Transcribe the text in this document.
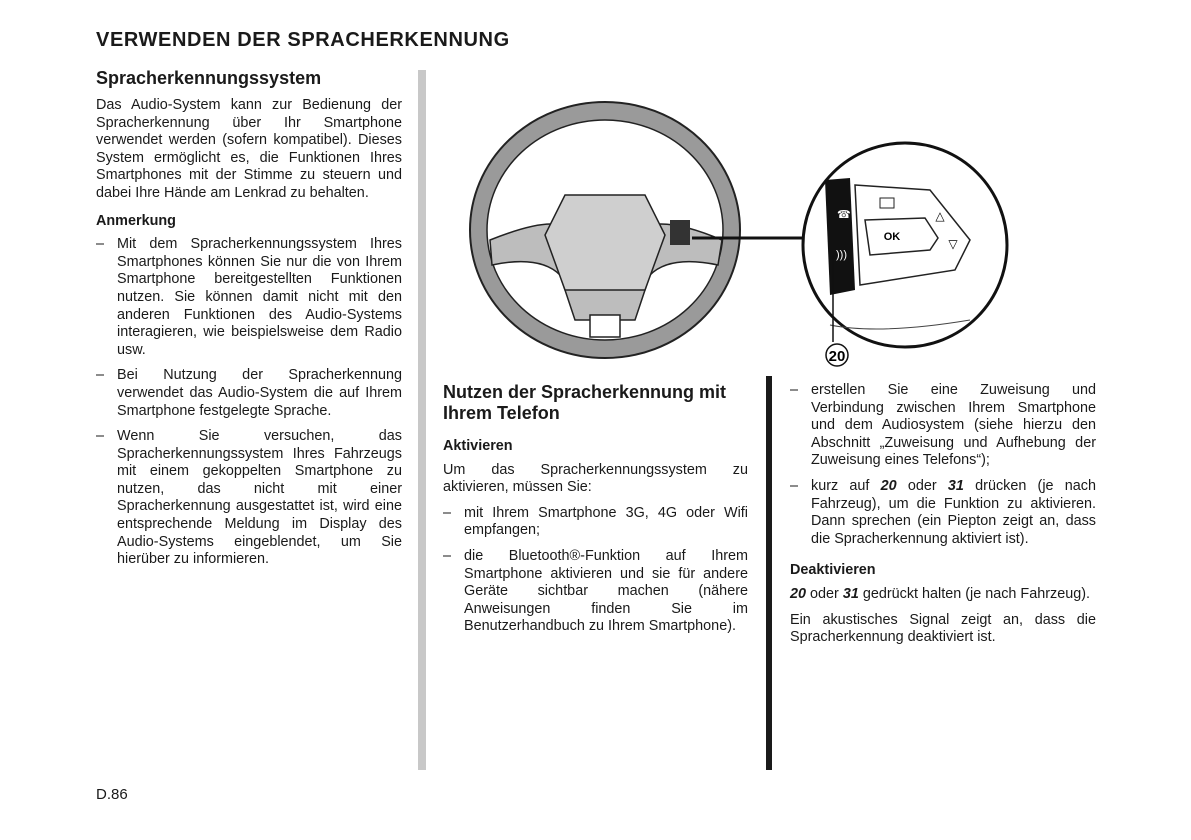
VERWENDEN DER SPRACHERKENNUNG
Spracherkennungssystem

Das Audio-System kann zur Bedienung der Spracherkennung über Ihr Smartphone verwendet werden (sofern kompatibel). Dieses System ermöglicht es, die Funktionen Ihres Smartphones mit der Stimme zu steuern und dabei Ihre Hände am Lenkrad zu behalten.

Anmerkung
– Mit dem Spracherkennungssystem Ihres Smartphones können Sie nur die von Ihrem Smartphone bereitgestellten Funktionen nutzen. Sie können damit nicht mit den anderen Funktionen des Audio-Systems interagieren, wie beispielsweise dem Radio usw.
– Bei Nutzung der Spracherkennung verwendet das Audio-System die auf Ihrem Smartphone festgelegte Sprache.
– Wenn Sie versuchen, das Spracherkennungssystem Ihres Fahrzeugs mit einem gekoppelten Smartphone zu nutzen, das nicht mit einer Spracherkennung ausgestattet ist, wird eine entsprechende Meldung im Display des Audio-Systems eingeblendet, um Sie hierüber zu informieren.
OK
△
▽
☎
)))
20
Nutzen der Spracherkennung mit Ihrem Telefon
Aktivieren

Um das Spracherkennungssystem zu aktivieren, müssen Sie:

– mit Ihrem Smartphone 3G, 4G oder Wifi empfangen;
– die Bluetooth®-Funktion auf Ihrem Smartphone aktivieren und sie für andere Geräte sichtbar machen (nähere Anweisungen finden Sie im Benutzerhandbuch zu Ihrem Smartphone).
– erstellen Sie eine Zuweisung und Verbindung zwischen Ihrem Smartphone und dem Audiosystem (siehe hierzu den Abschnitt „Zuweisung und Aufhebung der Zuweisung eines Telefons“);
– kurz auf 20 oder 31 drücken (je nach Fahrzeug), um die Funktion zu aktivieren. Dann sprechen (ein Piepton zeigt an, dass die Spracherkennung aktiviert ist).
Deaktivieren

20 oder 31 gedrückt halten (je nach Fahrzeug).

Ein akustisches Signal zeigt an, dass die Spracherkennung deaktiviert ist.

D.86
